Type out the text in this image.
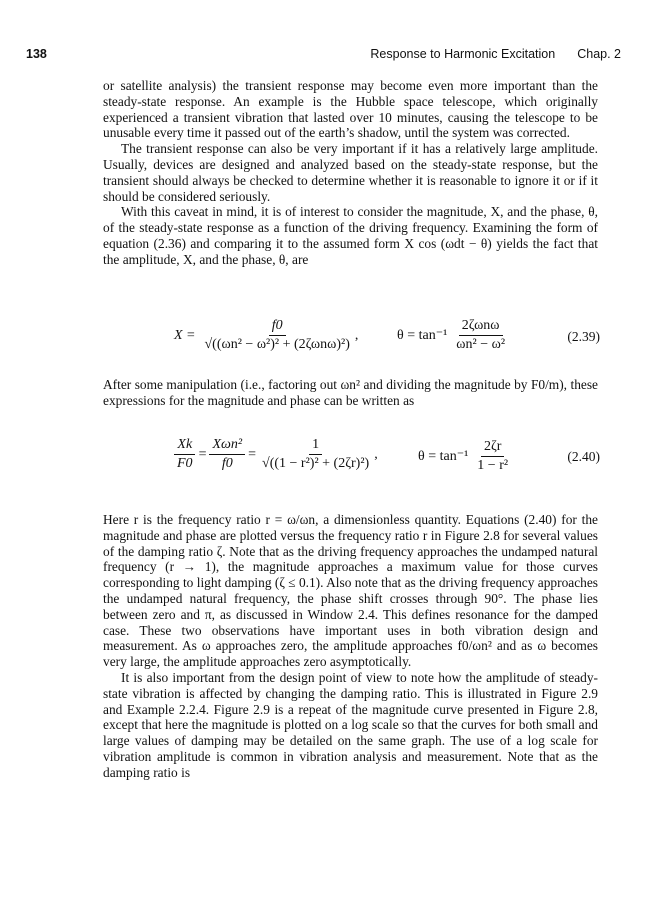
138	Response to Harmonic Excitation Chap. 2

or satellite analysis) the transient response may become even more important than the steady-state response. An example is the Hubble space telescope, which originally experienced a transient vibration that lasted over 10 minutes, causing the telescope to be unusable every time it passed out of the earth’s shadow, until the system was corrected.

The transient response can also be very important if it has a relatively large amplitude. Usually, devices are designed and analyzed based on the steady-state response, but the transient should always be checked to determine whether it is reasonable to ignore it or if it should be considered seriously.

With this caveat in mind, it is of interest to consider the magnitude, X, and the phase, θ, of the steady-state response as a function of the driving frequency. Examining the form of equation (2.36) and comparing it to the assumed form X cos (ωdt − θ) yields the fact that the amplitude, X, and the phase, θ, are

$X = \frac{f0}{\text{√((ωn² − ω²)² + (2ζωnω)²)}}$ ,	$\theta = \tan^{-1} \frac{\text{2ζωnω}}{\text{ωn² − ω²}}$	(2.39)

After some manipulation (i.e., factoring out ωn² and dividing the magnitude by F0/m), these expressions for the magnitude and phase can be written as

$\frac{Xk}{F0} = \frac{\text{Xωn²}}{f0} = \frac{1}{\text{√((1 − r²)² + (2ζr)²)}}$ ,	$\theta = \tan^{-1} \frac{2\zeta r}{\text{1 − r²}}$	(2.40)

Here r is the frequency ratio r = ω/ωn, a dimensionless quantity. Equations (2.40) for the magnitude and phase are plotted versus the frequency ratio r in Figure 2.8 for several values of the damping ratio ζ. Note that as the driving frequency approaches the undamped natural frequency (r → 1), the magnitude approaches a maximum value for those curves corresponding to light damping (ζ ≤ 0.1). Also note that as the driving frequency approaches the undamped natural frequency, the phase shift crosses through 90°. The phase lies between zero and π, as discussed in Window 2.4. This defines resonance for the damped case. These two observations have important uses in both vibration design and measurement. As ω approaches zero, the amplitude approaches f0/ωn² and as ω becomes very large, the amplitude approaches zero asymptotically.

It is also important from the design point of view to note how the amplitude of steady-state vibration is affected by changing the damping ratio. This is illustrated in Figure 2.9 and Example 2.2.4. Figure 2.9 is a repeat of the magnitude curve presented in Figure 2.8, except that here the magnitude is plotted on a log scale so that the curves for both small and large values of damping may be detailed on the same graph. The use of a log scale for vibration amplitude is common in vibration analysis and measurement. Note that as the damping ratio is
